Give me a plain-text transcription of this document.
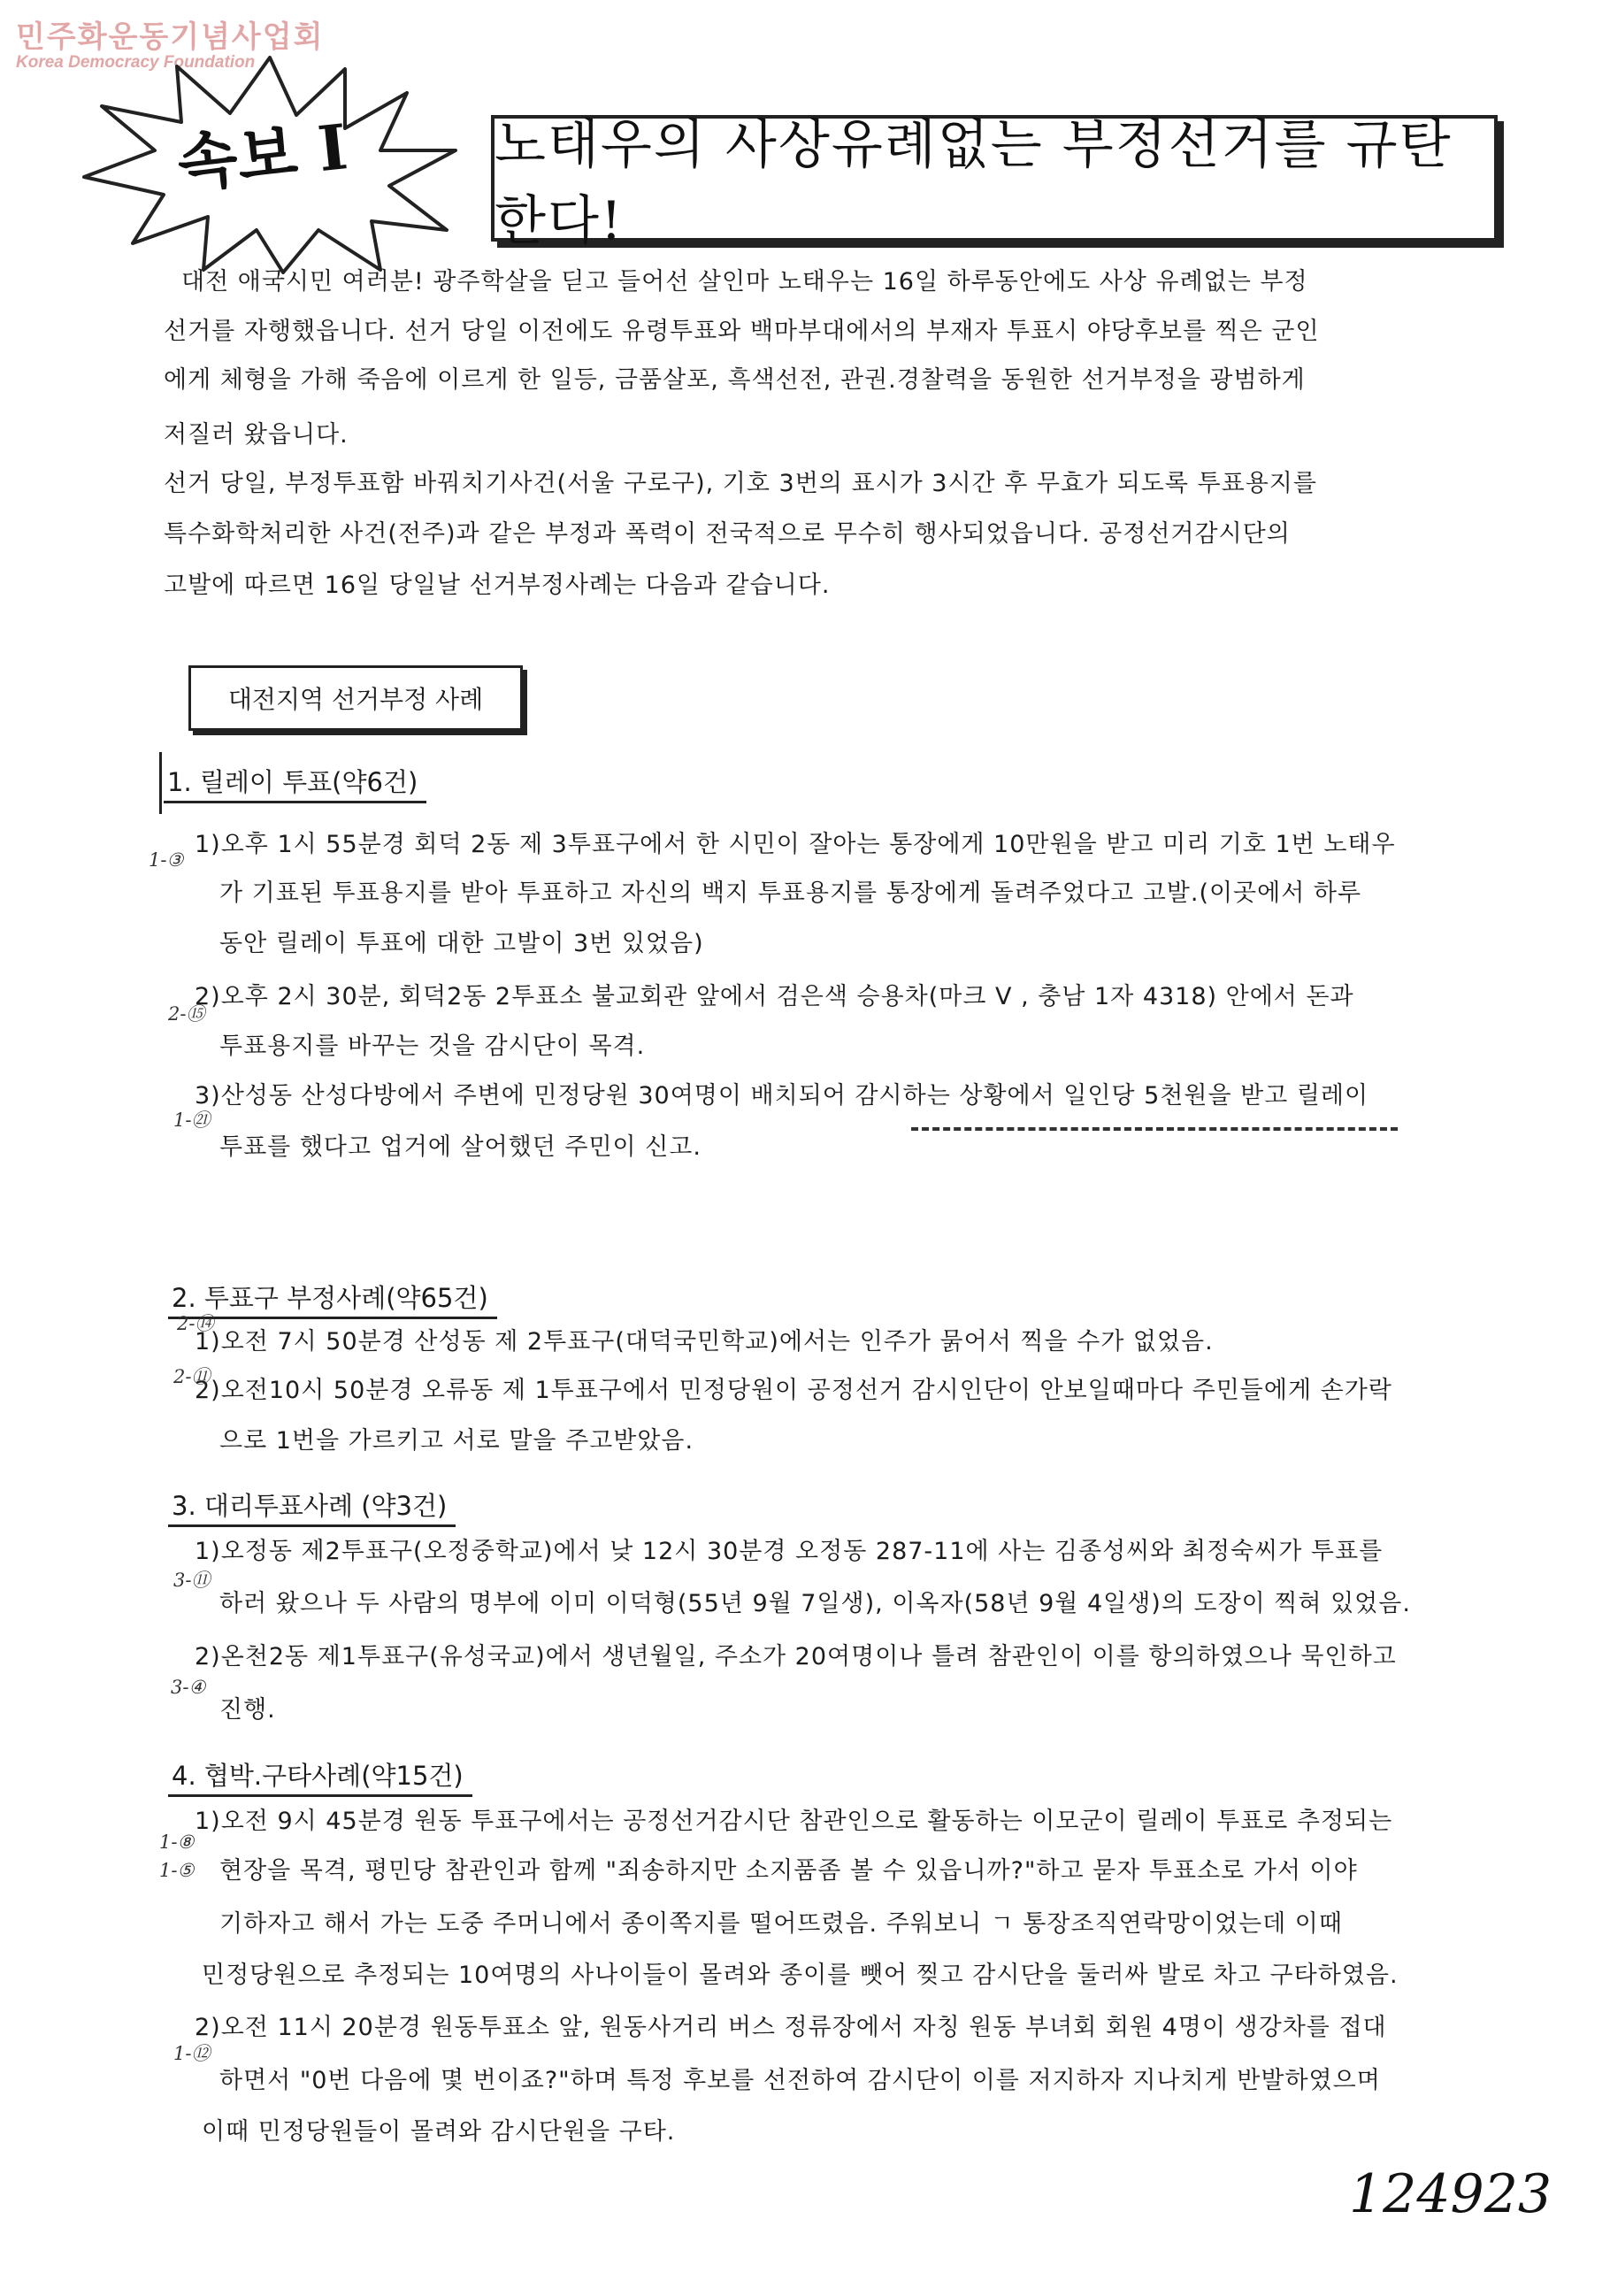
민주화운동기념사업회
Korea Democracy Foundation
속보 I	노태우의 사상유례없는 부정선거를 규탄한다!
대전 애국시민 여러분! 광주학살을 딛고 들어선 살인마 노태우는 16일 하루동안에도 사상 유례없는 부정
선거를 자행했읍니다. 선거 당일 이전에도 유령투표와 백마부대에서의 부재자 투표시 야당후보를 찍은 군인
에게 체형을 가해 죽음에 이르게 한 일등, 금품살포, 흑색선전, 관권.경찰력을 동원한 선거부정을 광범하게
저질러 왔읍니다.
선거 당일, 부정투표함 바꿔치기사건(서울 구로구), 기호 3번의 표시가 3시간 후 무효가 되도록 투표용지를
특수화학처리한 사건(전주)과 같은 부정과 폭력이 전국적으로 무수히 행사되었읍니다. 공정선거감시단의
고발에 따르면 16일 당일날 선거부정사례는 다음과 같습니다.
대전지역 선거부정 사례
1. 릴레이 투표(약6건)
1)오후 1시 55분경 회덕 2동 제 3투표구에서 한 시민이 잘아는 통장에게 10만원을 받고 미리 기호 1번 노태우
가 기표된 투표용지를 받아 투표하고 자신의 백지 투표용지를 통장에게 돌려주었다고 고발.(이곳에서 하루
동안 릴레이 투표에 대한 고발이 3번 있었음)
2)오후 2시 30분, 회덕2동 2투표소 불교회관 앞에서 검은색 승용차(마크 V , 충남 1자 4318) 안에서 돈과
투표용지를 바꾸는 것을 감시단이 목격.
3)산성동 산성다방에서 주변에 민정당원 30여명이 배치되어 감시하는 상황에서 일인당 5천원을 받고 릴레이
투표를 했다고 업거에 살어했던 주민이 신고.
2. 투표구 부정사례(약65건)
1)오전 7시 50분경 산성동 제 2투표구(대덕국민학교)에서는 인주가 묽어서 찍을 수가 없었음.
2)오전10시 50분경 오류동 제 1투표구에서 민정당원이 공정선거 감시인단이 안보일때마다 주민들에게 손가락
으로 1번을 가르키고 서로 말을 주고받았음.
3. 대리투표사례 (약3건)
1)오정동 제2투표구(오정중학교)에서 낮 12시 30분경 오정동 287-11에 사는 김종성씨와 최정숙씨가 투표를
하러 왔으나 두 사람의 명부에 이미 이덕형(55년 9월 7일생), 이옥자(58년 9월 4일생)의 도장이 찍혀 있었음.
2)온천2동 제1투표구(유성국교)에서 생년월일, 주소가 20여명이나 틀려 참관인이 이를 항의하였으나 묵인하고
진행.
4. 협박.구타사례(약15건)
1)오전 9시 45분경 원동 투표구에서는 공정선거감시단 참관인으로 활동하는 이모군이 릴레이 투표로 추정되는
현장을 목격, 평민당 참관인과 함께 "죄송하지만 소지품좀 볼 수 있읍니까?"하고 묻자 투표소로 가서 이야
기하자고 해서 가는 도중 주머니에서 종이쪽지를 떨어뜨렸음. 주워보니 ㄱ 통장조직연락망이었는데 이때
민정당원으로 추정되는 10여명의 사나이들이 몰려와 종이를 뺏어 찢고 감시단을 둘러싸 발로 차고 구타하였음.
2)오전 11시 20분경 원동투표소 앞, 원동사거리 버스 정류장에서 자칭 원동 부녀회 회원 4명이 생강차를 접대
하면서 "0번 다음에 몇 번이죠?"하며 특정 후보를 선전하여 감시단이 이를 저지하자 지나치게 반발하였으며
이때 민정당원들이 몰려와 감시단원을 구타.
1-③
2-⑮
1-㉑
2-⑭
2-⑪
3-⑪
3-④
1-⑧
1-⑤
1-⑫
124923
